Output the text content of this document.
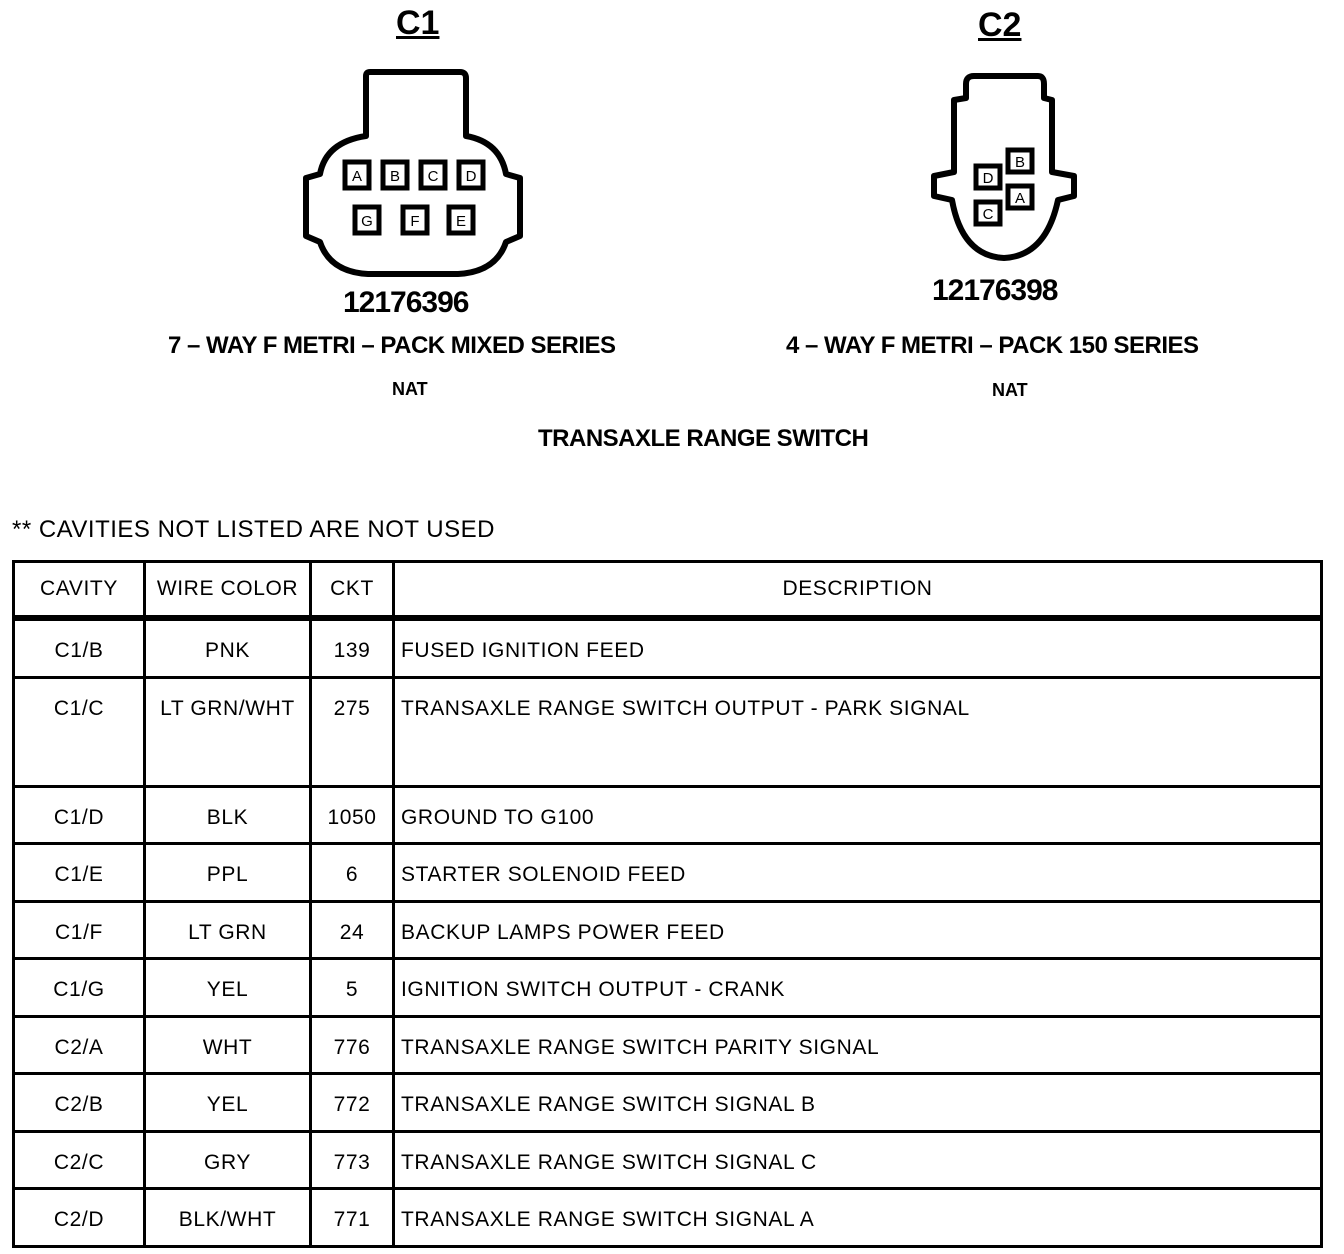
C1
A B C D
G	F E
12176396
7 – WAY F METRI – PACK MIXED SERIES
NAT
C2
D
B
A
C
12176398
4 – WAY F METRI – PACK 150 SERIES
NAT
TRANSAXLE RANGE SWITCH
** CAVITIES NOT LISTED ARE NOT USED
CAVITY	WIRE COLOR	CKT	DESCRIPTION
C1/B	PNK	139	FUSED IGNITION FEED
C1/C	LT GRN/WHT	275	TRANSAXLE RANGE SWITCH OUTPUT - PARK SIGNAL
C1/D	BLK	1050	GROUND TO G100
C1/E	PPL	6	STARTER SOLENOID FEED
C1/F	LT GRN	24	BACKUP LAMPS POWER FEED
C1/G	YEL	5	IGNITION SWITCH OUTPUT - CRANK
C2/A	WHT	776	TRANSAXLE RANGE SWITCH PARITY SIGNAL
C2/B	YEL	772	TRANSAXLE RANGE SWITCH SIGNAL B
C2/C	GRY	773	TRANSAXLE RANGE SWITCH SIGNAL C
C2/D	BLK/WHT	771	TRANSAXLE RANGE SWITCH SIGNAL A
